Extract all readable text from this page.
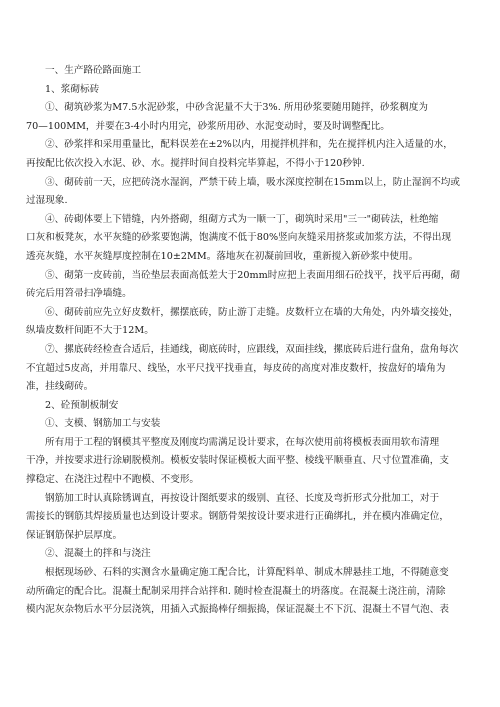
一、生产路砼路面施工
1、浆砌标砖
①、砌筑砂浆为M7.5水泥砂浆，中砂含泥量不大于3%. 所用砂浆要随用随拌，砂浆稠度为
70—100MM，并要在3-4小时内用完，砂浆所用砂、水泥变动时，要及时调整配比。
②、砂浆拌和采用重量比，配料误差在±2%以内，用搅拌机拌和，先在搅拌机内注入适量的水，
再按配比依次投入水泥、砂、水。搅拌时间自投料完毕算起，不得小于120秒钟.
③、砌砖前一天，应把砖浇水湿润，严禁干砖上墙，吸水深度控制在15mm以上，防止湿润不均或
过湿现象.
④、砖砌体要上下错缝，内外搭砌，组砌方式为一顺一丁，砌筑时采用"三一"砌砖法，杜绝缩
口灰和板凳灰，水平灰缝的砂浆要饱满，饱满度不低于80%竖向灰缝采用挤浆或加浆方法，不得出现
透亮灰缝，水平灰缝厚度控制在10±2MM。落地灰在初凝前回收，重新搅入新砂浆中使用。
⑤、砌第一皮砖前，当砼垫层表面高低差大于20mm时应把上表面用细石砼找平，找平后再砌，砌
砖完后用笤帚扫净墙缝。
⑥、砌砖前应先立好皮数杆，摞摆底砖，防止游丁走缝。皮数杆立在墙的大角处，内外墙交接处，
纵墙皮数杆间距不大于12M。
⑦、摞底砖经检查合适后，挂通线，砌底砖时，应跟线，双面挂线，摞底砖后进行盘角，盘角每次
不宜超过5皮高，并用靠尺、线坠，水平尺找平找垂直，每皮砖的高度对准皮数杆，按盘好的墙角为
准，挂线砌砖。
2、砼预制板制安
①、支模、钢筋加工与安装
所有用于工程的钢模其平整度及刚度均需满足设计要求，在每次使用前将模板表面用软布清理
干净，并按要求进行涂刷脱模剂。模板安装时保证模板大面平整、棱线平顺垂直、尺寸位置准确，支
撑稳定、在浇注过程中不跑模、不变形。
钢筋加工时认真除锈调直，再按设计图纸要求的级别、直径、长度及弯折形式分批加工，对于
需接长的钢筋其焊接质量也达到设计要求。钢筋骨架按设计要求进行正确绑扎，并在模内准确定位，
保证钢筋保护层厚度。
②、混凝土的拌和与浇注
根据现场砂、石料的实测含水量确定施工配合比，计算配料单、制成木牌悬挂工地，不得随意变
动所确定的配合比。混凝土配制采用拌合站拌和. 随时检查混凝土的坍落度。在混凝土浇注前，清除
模内泥灰杂物后水平分层浇筑，用插入式振捣棒仔细振捣，保证混凝土不下沉、混凝土不冒气泡、表
